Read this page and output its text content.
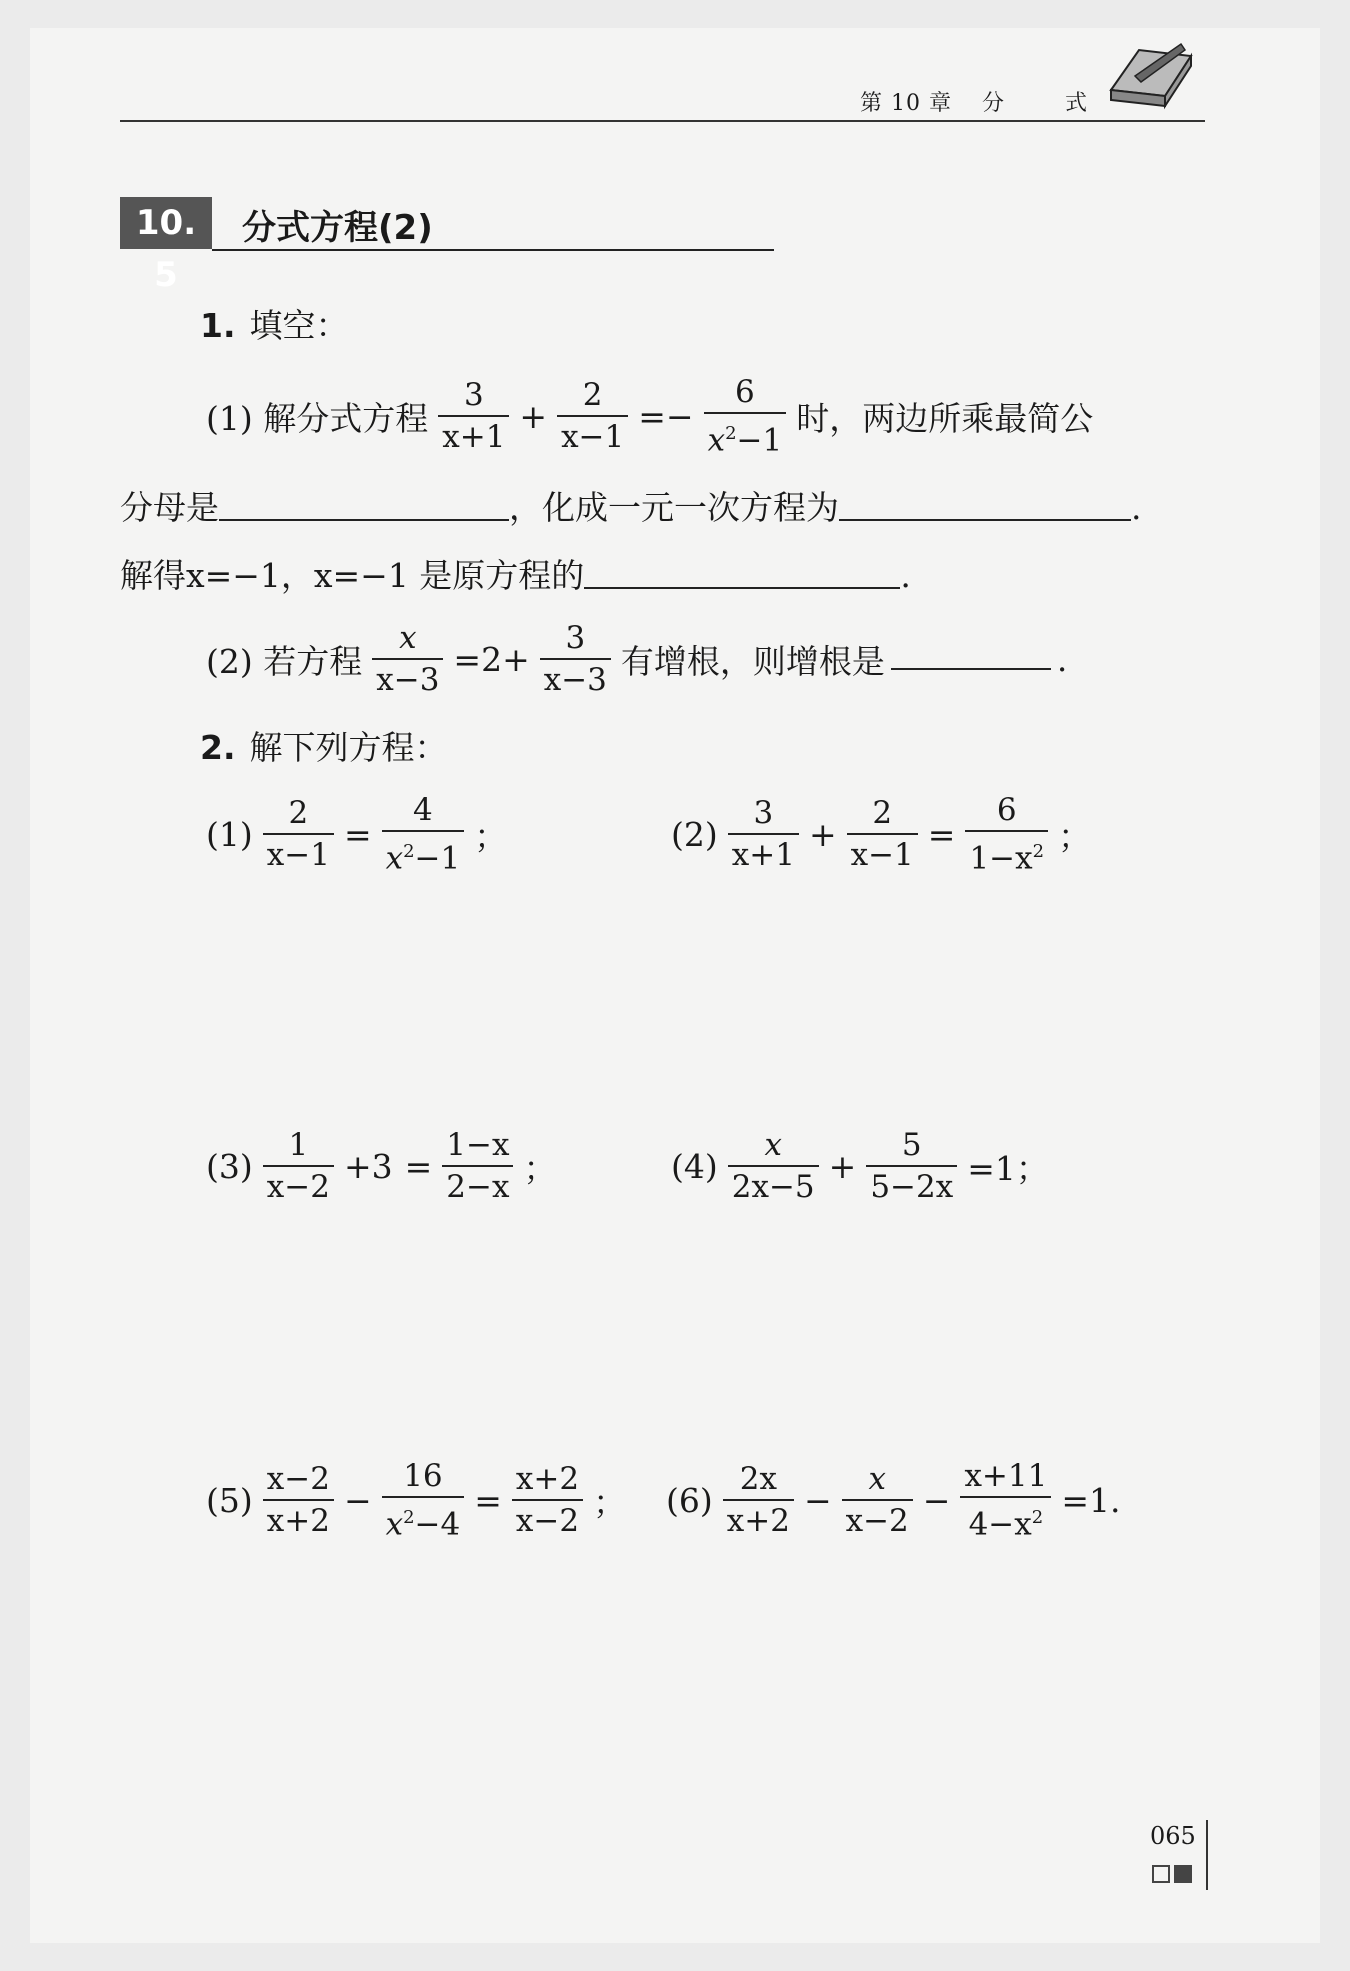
第 10 章 分	式
10. 5
分式方程(2)
1. 填空：
(1) 解分式方程 $\frac{3}{x+1} + \frac{2}{x-1} =- \frac{6}{x^2-1}$ 时，两边所乘最简公
分母是	，化成一元一次方程为	.
解得x=−1，x=−1 是原方程的	.
(2) 若方程 $\frac{x}{x-3} =2+ \frac{3}{x-3}$ 有增根，则增根是	.
2. 解下列方程：
$(1) \frac{2}{x-1} = \frac{4}{x^2-1}$ ；	$(2) \frac{3}{x+1} + \frac{2}{x-1} = \frac{6}{1-x^2}$ ；
$(3) \frac{1}{x-2} +3 = \frac{1-x}{2-x}$ ；	$(4) \frac{x}{2x-5} + \frac{5}{5-2x} =1$；
$(5) \frac{x-2}{x+2} - \frac{16}{x^2-4} = \frac{x+2}{x-2}$ ； $(6) \frac{2x}{x+2} - \frac{x}{x-2} - \frac{x+11}{4-x^2} =1$.
065
